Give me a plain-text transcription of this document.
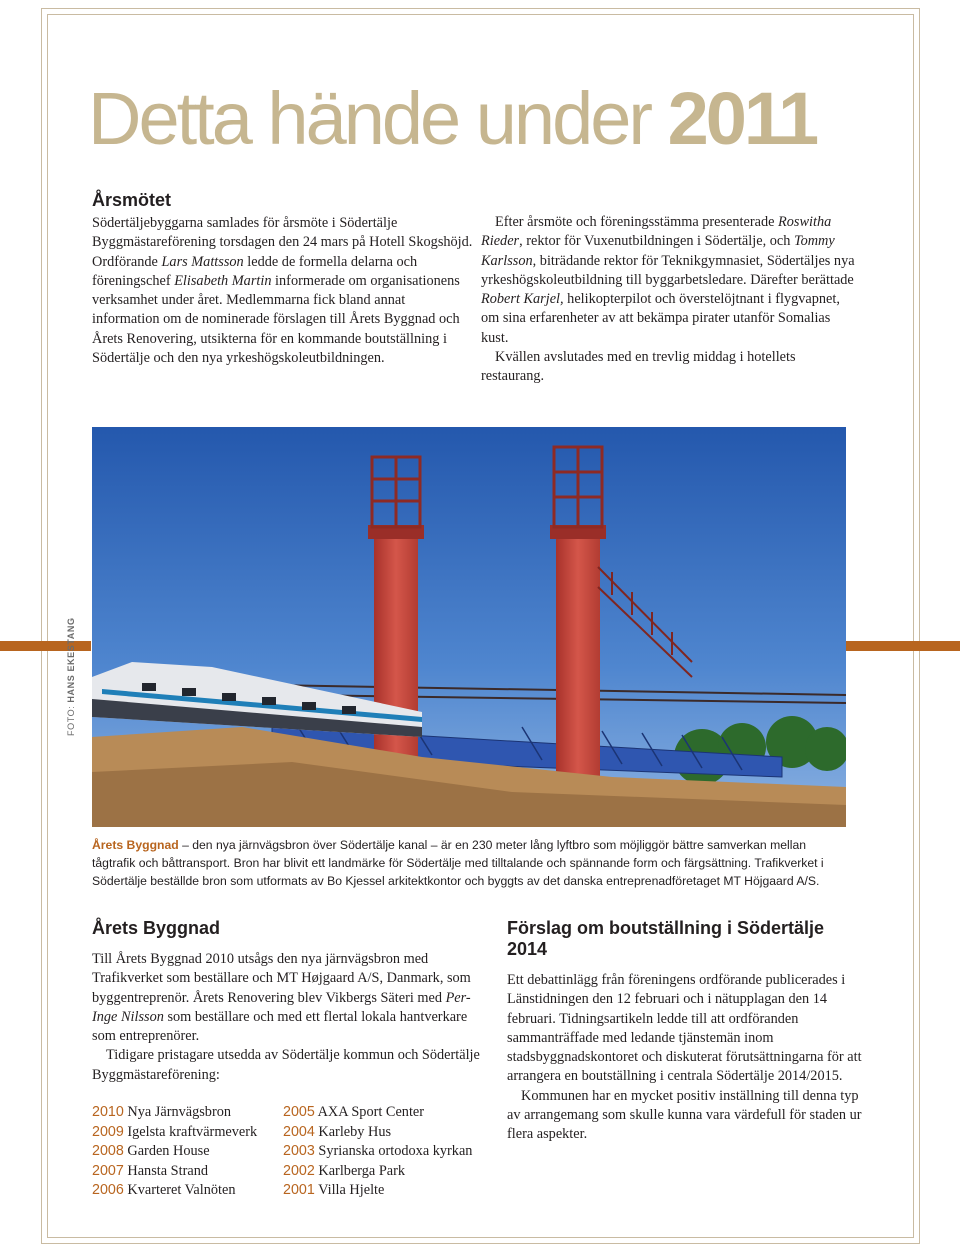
Detta hände under 2011
Årsmötet

Södertäljebyggarna samlades för årsmöte i Södertälje Byggmästareförening torsdagen den 24 mars på Hotell Skogshöjd. Ordförande Lars Mattsson ledde de formella delarna och föreningschef Elisabeth Martin informerade om organisationens verksamhet under året. Medlemmarna fick bland annat information om de nominerade förslagen till Årets Byggnad och Årets Renovering, utsikterna för en kommande boutställning i Södertälje och den nya yrkeshögskoleutbildningen.

Efter årsmöte och föreningsstämma presenterade Roswitha Rieder, rektor för Vuxenutbildningen i Södertälje, och Tommy Karlsson, biträdande rektor för Teknikgymnasiet, Södertäljes nya yrkeshögskoleutbildning till byggarbetsledare. Därefter berättade Robert Karjel, helikopterpilot och överstelöjtnant i flygvapnet, om sina erfarenheter av att bekämpa pirater utanför Somalias kust.

Kvällen avslutades med en trevlig middag i hotellets restaurang.

FOTO: HANS EKESTANG

Årets Byggnad – den nya järnvägsbron över Södertälje kanal – är en 230 meter lång lyftbro som möjliggör bättre samverkan mellan tågtrafik och båttransport. Bron har blivit ett landmärke för Södertälje med tilltalande och spännande form och färgsättning. Trafikverket i Södertälje beställde bron som utformats av Bo Kjessel arkitektkontor och byggts av det danska entreprenadföretaget MT Höjgaard A/S.

Årets Byggnad

Till Årets Byggnad 2010 utsågs den nya järnvägsbron med Trafikverket som beställare och MT Højgaard A/S, Danmark, som byggentreprenör. Årets Renovering blev Vikbergs Säteri med Per-Inge Nilsson som beställare och med ett flertal lokala hantverkare som entreprenörer.

Tidigare pristagare utsedda av Södertälje kommun och Södertälje Byggmästareförening:

2010 Nya Järnvägsbron
2009 Igelsta kraftvärmeverk
2008 Garden House
2007 Hansta Strand
2006 Kvarteret Valnöten
2005 AXA Sport Center
2004 Karleby Hus
2003 Syrianska ortodoxa kyrkan
2002 Karlberga Park
2001 Villa Hjelte
Förslag om boutställning i Södertälje 2014

Ett debattinlägg från föreningens ordförande publicerades i Länstidningen den 12 februari och i nätupplagan den 14 februari. Tidningsartikeln ledde till att ordföranden sammanträffade med ledande tjänstemän inom stadsbyggnadskontoret och diskuterat förutsättningarna för att arrangera en boutställning i centrala Södertälje 2014/2015.

Kommunen har en mycket positiv inställning till denna typ av arrangemang som skulle kunna vara värdefull för staden ur flera aspekter.
